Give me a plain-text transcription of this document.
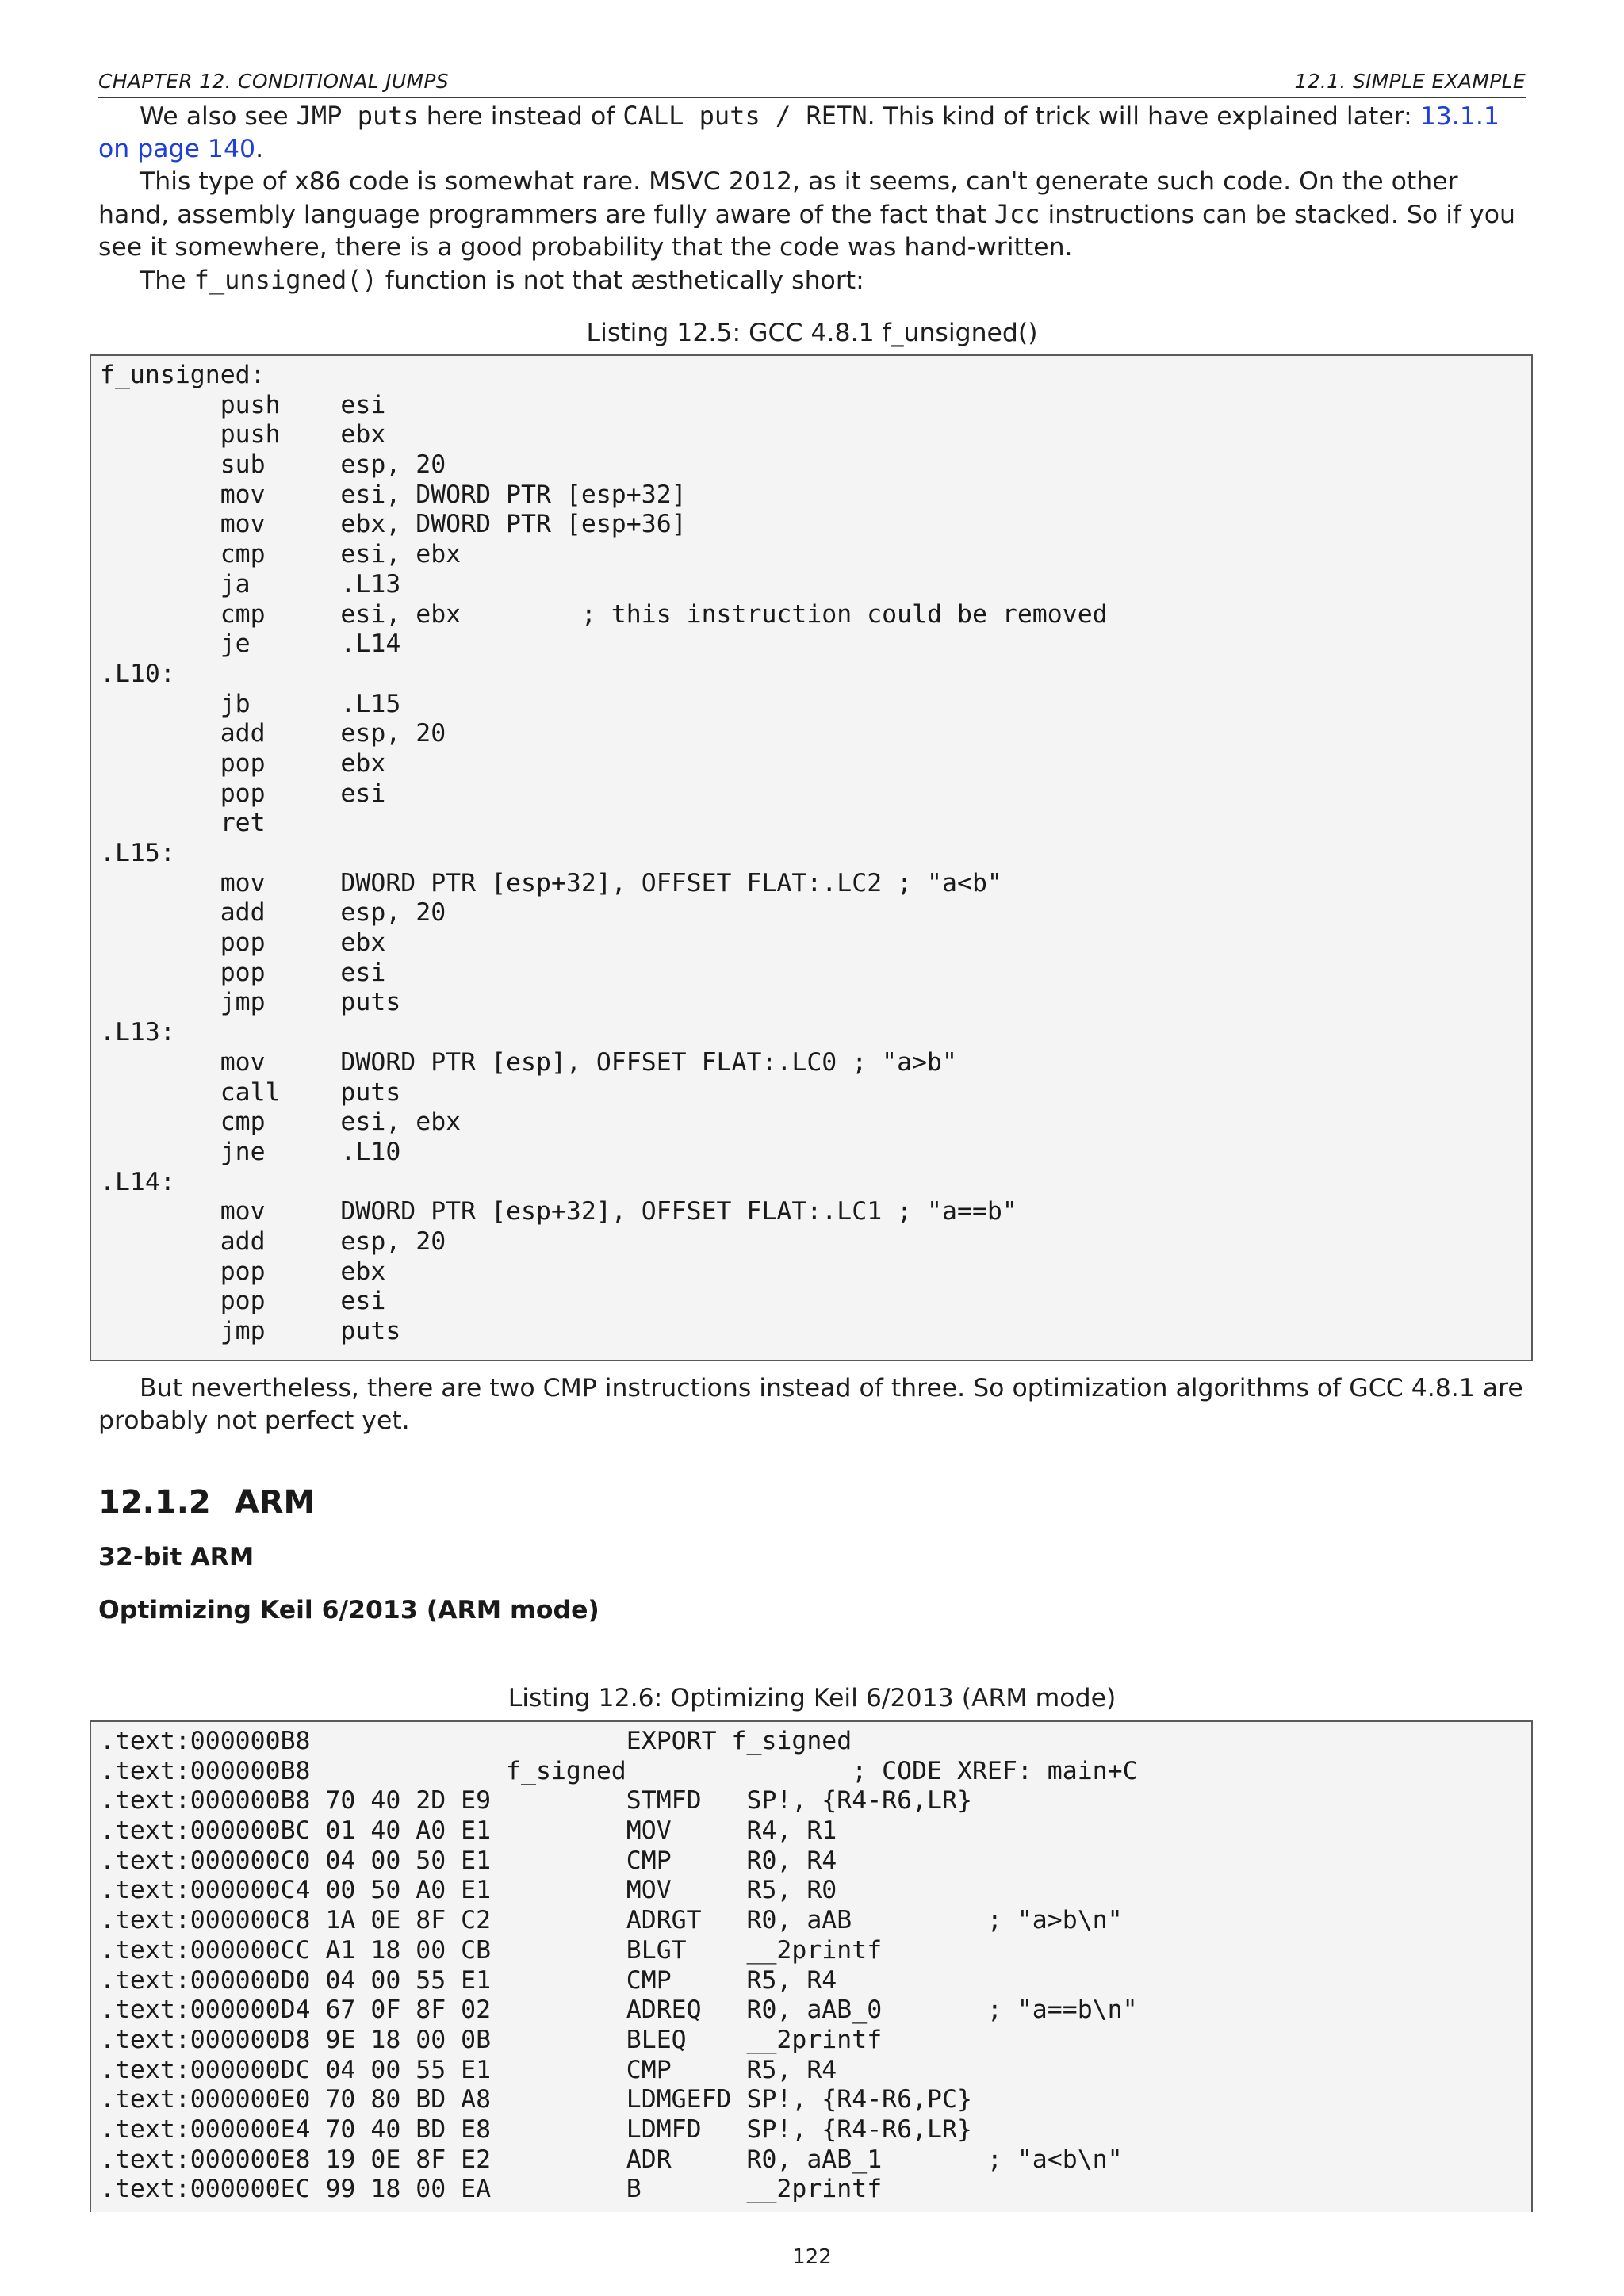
CHAPTER 12. CONDITIONAL JUMPS	12.1. SIMPLE EXAMPLE

We also see JMP puts here instead of CALL puts / RETN. This kind of trick will have explained later: 13.1.1 on page 140.

This type of x86 code is somewhat rare. MSVC 2012, as it seems, can't generate such code. On the other hand, assembly language programmers are fully aware of the fact that Jcc instructions can be stacked. So if you see it somewhere, there is a good probability that the code was hand-written.

The f_unsigned() function is not that æsthetically short:

Listing 12.5: GCC 4.8.1 f_unsigned()
f_unsigned:
push    esi
push    ebx
sub     esp, 20
mov     esi, DWORD PTR [esp+32]
mov     ebx, DWORD PTR [esp+36]
cmp     esi, ebx
ja      .L13
cmp     esi, ebx        ; this instruction could be removed
je      .L14
.L10:
jb      .L15
add     esp, 20
pop     ebx
pop     esi
ret
.L15:
mov     DWORD PTR [esp+32], OFFSET FLAT:.LC2 ; "a<b"
add     esp, 20
pop     ebx
pop     esi
jmp     puts
.L13:
mov     DWORD PTR [esp], OFFSET FLAT:.LC0 ; "a>b"
call    puts
cmp     esi, ebx
jne     .L10
.L14:
mov     DWORD PTR [esp+32], OFFSET FLAT:.LC1 ; "a==b"
add     esp, 20
pop     ebx
pop     esi
jmp     puts

But nevertheless, there are two CMP instructions instead of three. So optimization algorithms of GCC 4.8.1 are probably not perfect yet.

12.1.2 ARM
32-bit ARM
Optimizing Keil 6/2013 (ARM mode)
Listing 12.6: Optimizing Keil 6/2013 (ARM mode)
.text:000000B8                     EXPORT f_signed
.text:000000B8             f_signed               ; CODE XREF: main+C
.text:000000B8 70 40 2D E9         STMFD   SP!, {R4-R6,LR}
.text:000000BC 01 40 A0 E1         MOV     R4, R1
.text:000000C0 04 00 50 E1         CMP     R0, R4
.text:000000C4 00 50 A0 E1         MOV     R5, R0
.text:000000C8 1A 0E 8F C2         ADRGT   R0, aAB         ; "a>b\n"
.text:000000CC A1 18 00 CB         BLGT    __2printf
.text:000000D0 04 00 55 E1         CMP     R5, R4
.text:000000D4 67 0F 8F 02         ADREQ   R0, aAB_0       ; "a==b\n"
.text:000000D8 9E 18 00 0B         BLEQ    __2printf
.text:000000DC 04 00 55 E1         CMP     R5, R4
.text:000000E0 70 80 BD A8         LDMGEFD SP!, {R4-R6,PC}
.text:000000E4 70 40 BD E8         LDMFD   SP!, {R4-R6,LR}
.text:000000E8 19 0E 8F E2         ADR     R0, aAB_1       ; "a<b\n"
.text:000000EC 99 18 00 EA         B       __2printf
122
